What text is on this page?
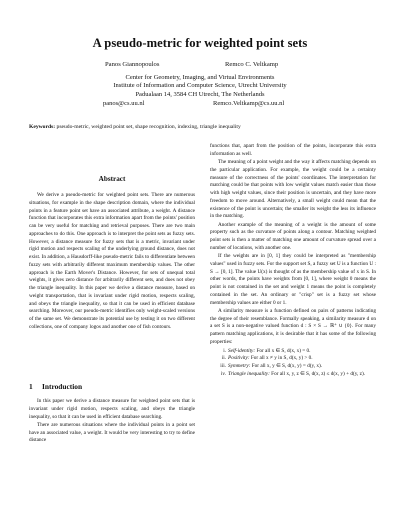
A pseudo-metric for weighted point sets
Panos Giannopoulos	Remco C. Veltkamp
Center for Geometry, Imaging, and Virtual Environments
Institute of Information and Computer Science, Utrecht University
Padualaan 14, 3584 CH Utrecht, The Netherlands
panos@cs.uu.nl	Remco.Veltkamp@cs.uu.nl
Keywords: pseudo-metric, weighted point set, shape recognition, indexing, triangle inequality
Abstract

We derive a pseudo-metric for weighted point sets. There are numerous situations, for example in the shape description domain, where the individual points in a feature point set have an associated attribute, a weight. A distance function that incorporates this extra information apart from the points' position can be very useful for matching and retrieval purposes. There are two main approaches to do this. One approach is to interpret the point sets as fuzzy sets. However, a distance measure for fuzzy sets that is a metric, invariant under rigid motion and respects scaling of the underlying ground distance, does not exist. In addition, a Hausdorff-like pseudo-metric fails to differentiate between fuzzy sets with arbitrarily different maximum membership values. The other approach is the Earth Mover's Distance. However, for sets of unequal total weights, it gives zero distance for arbitrarily different sets, and does not obey the triangle inequality. In this paper we derive a distance measure, based on weight transportation, that is invariant under rigid motion, respects scaling, and obeys the triangle inequality, so that it can be used in efficient database searching. Moreover, our pseudo-metric identifies only weight-scaled versions of the same set. We demonstrate its potential use by testing it on two different collections, one of company logos and another one of fish contours.

1 Introduction

In this paper we derive a distance measure for weighted point sets that is invariant under rigid motion, respects scaling, and obeys the triangle inequality, so that it can be used in efficient database searching.

There are numerous situations where the individual points in a point set have an associated value, a weight. It would be very interesting to try to define distance

functions that, apart from the position of the points, incorporate this extra information as well.

The meaning of a point weight and the way it affects matching depends on the particular application. For example, the weight could be a certainty measure of the correctness of the points' coordinates. The interpretation for matching could be that points with low weight values match easier than those with high weight values, since their position is uncertain, and they have more freedom to move around. Alternatively, a small weight could mean that the existence of the point is uncertain; the smaller its weight the less its influence in the matching.

Another example of the meaning of a weight is the amount of some property such as the curvature of points along a contour. Matching weighted point sets is then a matter of matching one amount of curvature spread over a number of locations, with another one.

If the weights are in [0, 1] they could be interpreted as "membership values" used in fuzzy sets. For the support set S, a fuzzy set U is a function U : S → [0, 1]. The value U(x) is thought of as the membership value of x in S. In other words, the points have weights from [0, 1], where weight 0 means the point is not contained in the set and weight 1 means the point is completely contained in the set. An ordinary or "crisp" set is a fuzzy set whose membership values are either 0 or 1.

A similarity measure is a function defined on pairs of patterns indicating the degree of their resemblance. Formally speaking, a similarity measure d on a set S is a non-negative valued function d : S × S → ℝ⁺ ∪ {0}. For many pattern matching applications, it is desirable that it has some of the following properties:

i. Self-identity: For all x ∈ S, d(x, x) = 0.
ii. Positivity: For all x ≠ y in S, d(x, y) > 0.
iii. Symmetry: For all x, y ∈ S, d(x, y) = d(y, x).
iv. Triangle inequality: For all x, y, z ∈ S, d(x, z) ≤ d(x, y) + d(y, z).
